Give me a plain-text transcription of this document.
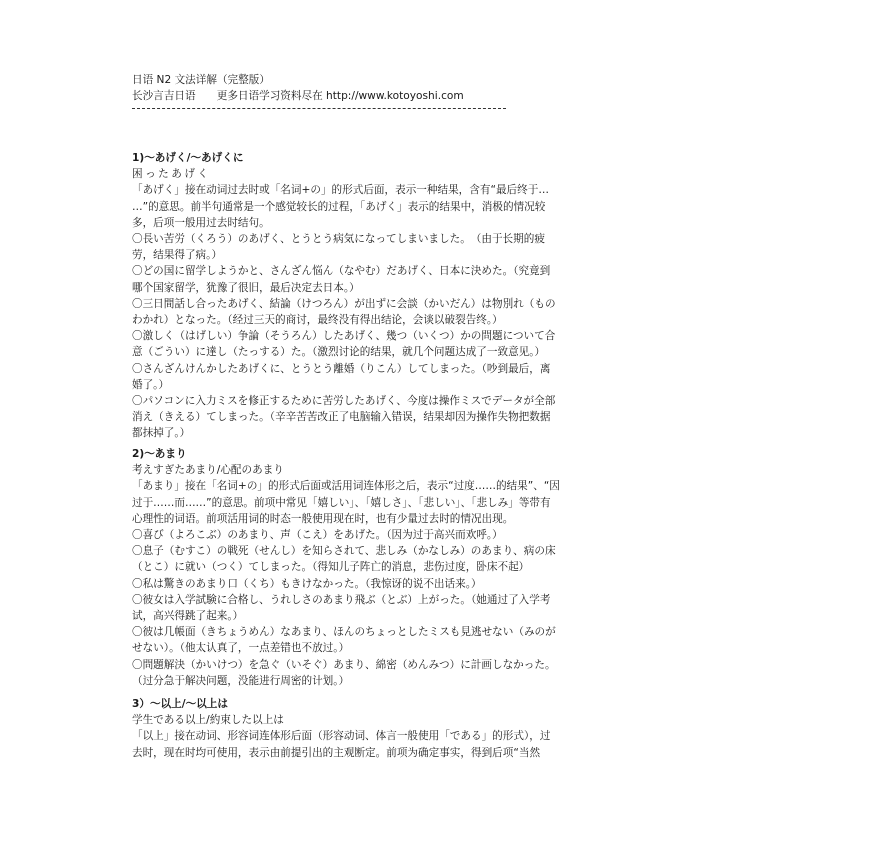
日语 N2 文法详解（完整版）

长沙言吉日语　　更多日语学习资料尽在 http://www.kotoyoshi.com

1)〜あげく/〜あげくに

困ったあげく

「あげく」接在动词过去时或「名词+の」的形式后面，表示一种结果，含有“最后终于…

…”的意思。前半句通常是一个感觉较长的过程，「あげく」表示的结果中，消极的情况较

多，后项一般用过去时结句。

〇長い苦労（くろう）のあげく、とうとう病気になってしまいました。　（由于长期的疲

劳，结果得了病。）

〇どの国に留学しようかと、さんざん悩ん（なやむ）だあげく、日本に決めた。（究竟到

哪个国家留学，犹豫了很旧，最后决定去日本。）

〇三日間話し合ったあげく、結論（けつろん）が出ずに会談（かいだん）は物別れ（もの

わかれ）となった。（经过三天的商讨，最终没有得出结论，会谈以破裂告终。）

〇激しく（はげしい）争論（そうろん）したあげく、幾つ（いくつ）かの問題について合

意（ごうい）に達し（たっする）た。（激烈讨论的结果，就几个问题达成了一致意见。）

〇さんざんけんかしたあげくに、とうとう離婚（りこん）してしまった。（吵到最后，离

婚了。）

〇パソコンに入力ミスを修正するために苦労したあげく、今度は操作ミスでデータが全部

消え（きえる）てしまった。（辛辛苦苦改正了电脑输入错误，结果却因为操作失物把数据

都抹掉了。）

2)〜あまり

考えすぎたあまり/心配のあまり

「あまり」接在「名词+の」的形式后面或活用词连体形之后，表示“过度……的结果”、“因

过于……而……”的意思。前项中常见「嬉しい」、「嬉しさ」、「悲しい」、「悲しみ」等带有

心理性的词语。前项活用词的时态一般使用现在时，也有少量过去时的情况出现。

〇喜び（よろこぶ）のあまり、声（こえ）をあげた。（因为过于高兴而欢呼。）

〇息子（むすこ）の戦死（せんし）を知らされて、悲しみ（かなしみ）のあまり、病の床

（とこ）に就い（つく）てしまった。（得知儿子阵亡的消息，悲伤过度，卧床不起）

〇私は驚きのあまり口（くち）もきけなかった。（我惊讶的说不出话来。）

〇彼女は入学試験に合格し、うれしさのあまり飛ぶ（とぶ）上がった。（她通过了入学考

试，高兴得跳了起来。）

〇彼は几帳面（きちょうめん）なあまり、ほんのちょっとしたミスも見逃せない（みのが

せない）。（他太认真了，一点差错也不放过。）

〇問題解決（かいけつ）を急ぐ（いそぐ）あまり、綿密（めんみつ）に計画しなかった。

（过分急于解决问题，没能进行周密的计划。）

3）〜以上/〜以上は

学生である以上/約束した以上は

「以上」接在动词、形容词连体形后面（形容动词、体言一般使用「である」的形式），过

去时，现在时均可使用，表示由前提引出的主观断定。前项为确定事实，得到后项“当然
